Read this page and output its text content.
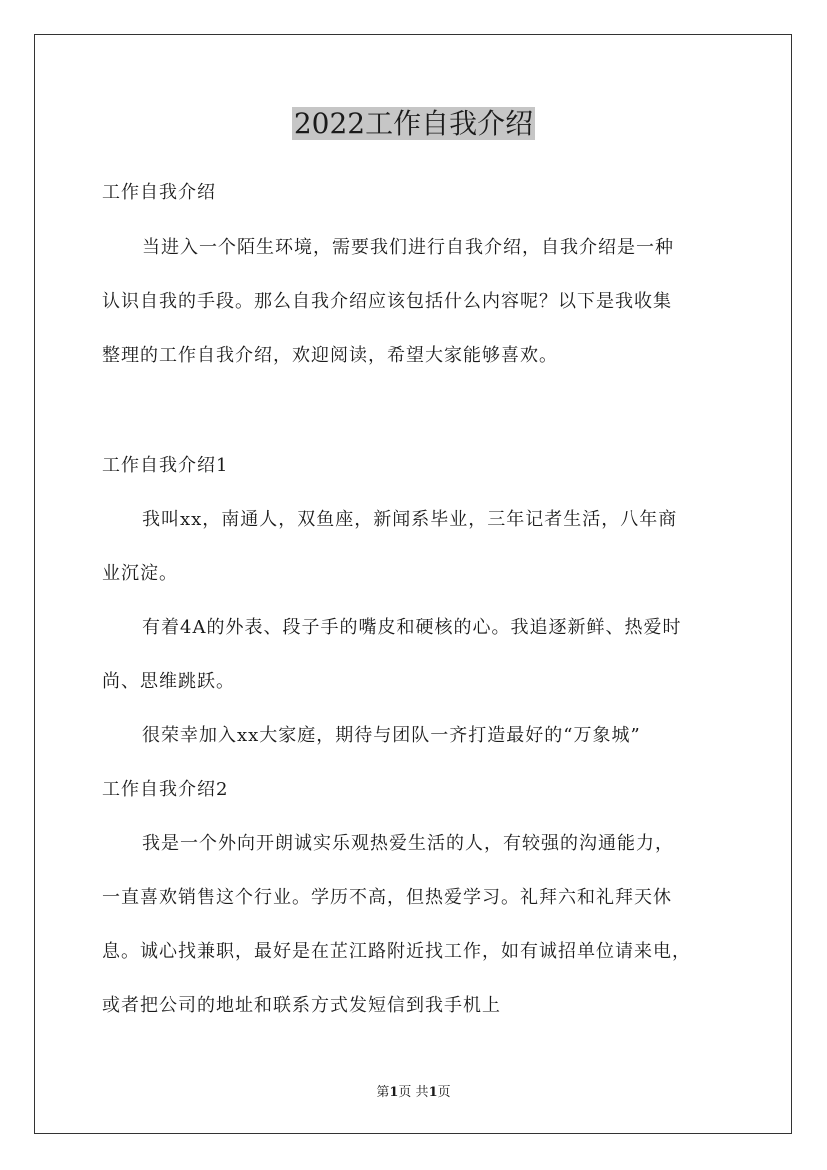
2022工作自我介绍

工作自我介绍

当进入一个陌生环境，需要我们进行自我介绍，自我介绍是一种

认识自我的手段。那么自我介绍应该包括什么内容呢？以下是我收集

整理的工作自我介绍，欢迎阅读，希望大家能够喜欢。

工作自我介绍1

我叫xx，南通人，双鱼座，新闻系毕业，三年记者生活，八年商

业沉淀。

有着4A的外表、段子手的嘴皮和硬核的心。我追逐新鲜、热爱时

尚、思维跳跃。

很荣幸加入xx大家庭，期待与团队一齐打造最好的“万象城”

工作自我介绍2

我是一个外向开朗诚实乐观热爱生活的人，有较强的沟通能力，

一直喜欢销售这个行业。学历不高，但热爱学习。礼拜六和礼拜天休

息。诚心找兼职，最好是在芷江路附近找工作，如有诚招单位请来电，

或者把公司的地址和联系方式发短信到我手机上

第1页 共1页
